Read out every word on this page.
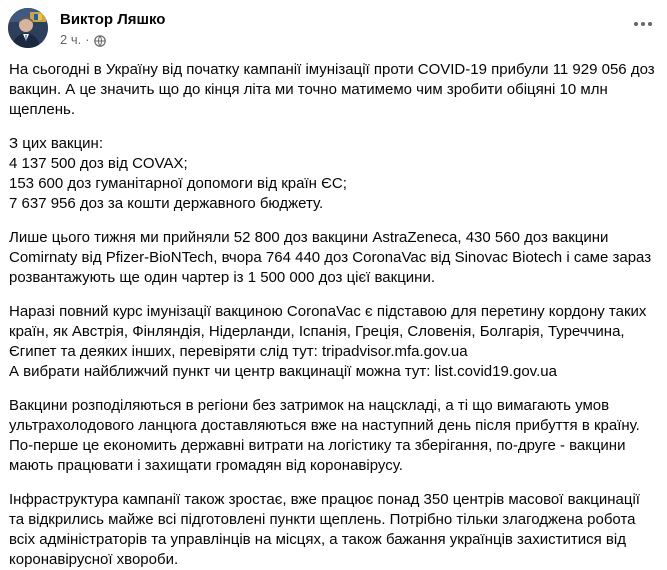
Виктор Ляшко
2 ч. ·

На сьогодні в Україну від початку кампанії імунізації проти COVID-19 прибули 11 929 056 доз вакцин. А це значить що до кінця літа ми точно матимемо чим зробити обіцяні 10 млн щеплень.

З цих вакцин:
4 137 500 доз від COVAX;
153 600 доз гуманітарної допомоги від країн ЄС;
7 637 956 доз за кошти державного бюджету.

Лише цього тижня ми прийняли 52 800 доз вакцини AstraZeneca, 430 560 доз вакцини Comirnaty від Pfizer-BioNTech, вчора 764 440 доз CoronaVac від Sinovac Biotech і саме зараз розвантажують ще один чартер із 1 500 000 доз цієї вакцини.

Наразі повний курс імунізації вакциною CoronaVac є підставою для перетину кордону таких країн, як Австрія, Фінляндія, Нідерланди, Іспанія, Греція, Словенія, Болгарія, Туреччина, Єгипет та деяких інших, перевіряти слід тут: tripadvisor.mfa.gov.ua
А вибрати найближчий пункт чи центр вакцинації можна тут: list.covid19.gov.ua

Вакцини розподіляються в регіони без затримок на нацскладі, а ті що вимагають умов ультрахолодового ланцюга доставляються вже на наступний день після прибуття в країну. По-перше це економить державні витрати на логістику та зберігання, по-друге - вакцини мають працювати і захищати громадян від коронавірусу.

Інфраструктура кампанії також зростає, вже працює понад 350 центрів масової вакцинації та відкрились майже всі підготовлені пункти щеплень. Потрібно тільки злагоджена робота всіх адміністраторів та управлінців на місцях, а також бажання українців захиститися від коронавірусної хвороби.
